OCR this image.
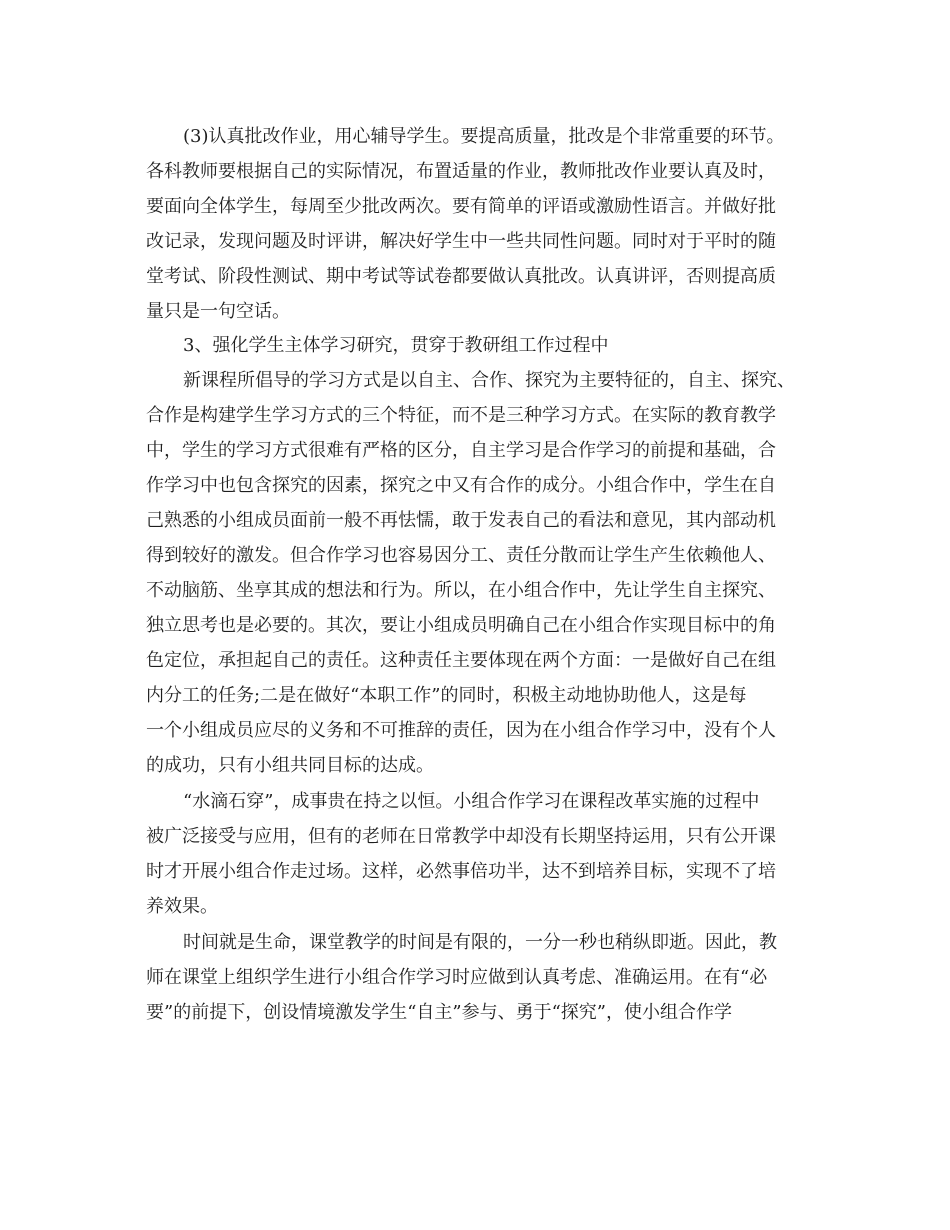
(3)认真批改作业，用心辅导学生。要提高质量，批改是个非常重要的环节。
各科教师要根据自己的实际情况，布置适量的作业，教师批改作业要认真及时，
要面向全体学生，每周至少批改两次。要有简单的评语或激励性语言。并做好批
改记录，发现问题及时评讲，解决好学生中一些共同性问题。同时对于平时的随
堂考试、阶段性测试、期中考试等试卷都要做认真批改。认真讲评，否则提高质
量只是一句空话。
3、强化学生主体学习研究，贯穿于教研组工作过程中
新课程所倡导的学习方式是以自主、合作、探究为主要特征的，自主、探究、
合作是构建学生学习方式的三个特征，而不是三种学习方式。在实际的教育教学
中，学生的学习方式很难有严格的区分，自主学习是合作学习的前提和基础，合
作学习中也包含探究的因素，探究之中又有合作的成分。小组合作中，学生在自
己熟悉的小组成员面前一般不再怯懦，敢于发表自己的看法和意见，其内部动机
得到较好的激发。但合作学习也容易因分工、责任分散而让学生产生依赖他人、
不动脑筋、坐享其成的想法和行为。所以，在小组合作中，先让学生自主探究、
独立思考也是必要的。其次，要让小组成员明确自己在小组合作实现目标中的角
色定位，承担起自己的责任。这种责任主要体现在两个方面：一是做好自己在组
内分工的任务;二是在做好“本职工作”的同时，积极主动地协助他人，这是每
一个小组成员应尽的义务和不可推辞的责任，因为在小组合作学习中，没有个人
的成功，只有小组共同目标的达成。
“水滴石穿”，成事贵在持之以恒。小组合作学习在课程改革实施的过程中
被广泛接受与应用，但有的老师在日常教学中却没有长期坚持运用，只有公开课
时才开展小组合作走过场。这样，必然事倍功半，达不到培养目标，实现不了培
养效果。
时间就是生命，课堂教学的时间是有限的，一分一秒也稍纵即逝。因此，教
师在课堂上组织学生进行小组合作学习时应做到认真考虑、准确运用。在有“必
要”的前提下，创设情境激发学生“自主”参与、勇于“探究”，使小组合作学
